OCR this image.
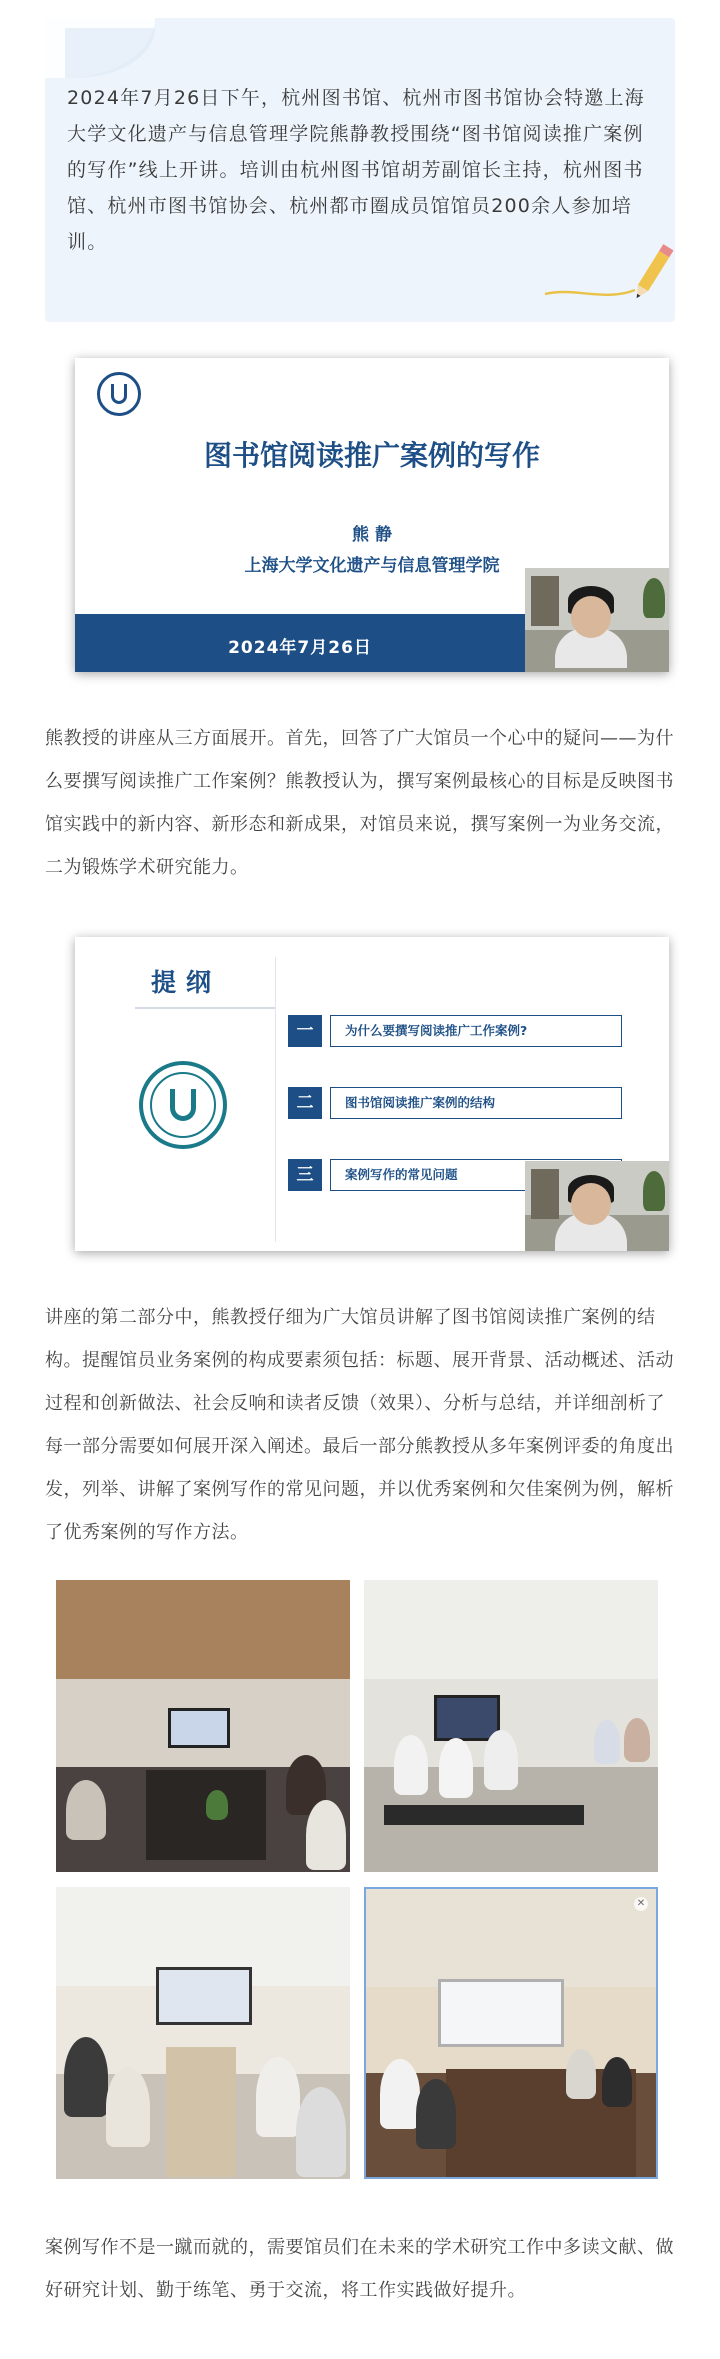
2024年7月26日下午，杭州图书馆、杭州市图书馆协会特邀上海大学文化遗产与信息管理学院熊静教授围绕“图书馆阅读推广案例的写作”线上开讲。培训由杭州图书馆胡芳副馆长主持，杭州图书馆、杭州市图书馆协会、杭州都市圈成员馆馆员200余人参加培训。

图书馆阅读推广案例的写作
熊 静
上海大学文化遗产与信息管理学院
2024年7月26日
熊教授的讲座从三方面展开。首先，回答了广大馆员一个心中的疑问——为什么要撰写阅读推广工作案例？熊教授认为，撰写案例最核心的目标是反映图书馆实践中的新内容、新形态和新成果，对馆员来说，撰写案例一为业务交流，二为锻炼学术研究能力。
提纲
一	为什么要撰写阅读推广工作案例?
二	图书馆阅读推广案例的结构
三	案例写作的常见问题
讲座的第二部分中，熊教授仔细为广大馆员讲解了图书馆阅读推广案例的结构。提醒馆员业务案例的构成要素须包括：标题、展开背景、活动概述、活动过程和创新做法、社会反响和读者反馈（效果）、分析与总结，并详细剖析了每一部分需要如何展开深入阐述。最后一部分熊教授从多年案例评委的角度出发，列举、讲解了案例写作的常见问题，并以优秀案例和欠佳案例为例，解析了优秀案例的写作方法。
✕
案例写作不是一蹴而就的，需要馆员们在未来的学术研究工作中多读文献、做好研究计划、勤于练笔、勇于交流，将工作实践做好提升。
